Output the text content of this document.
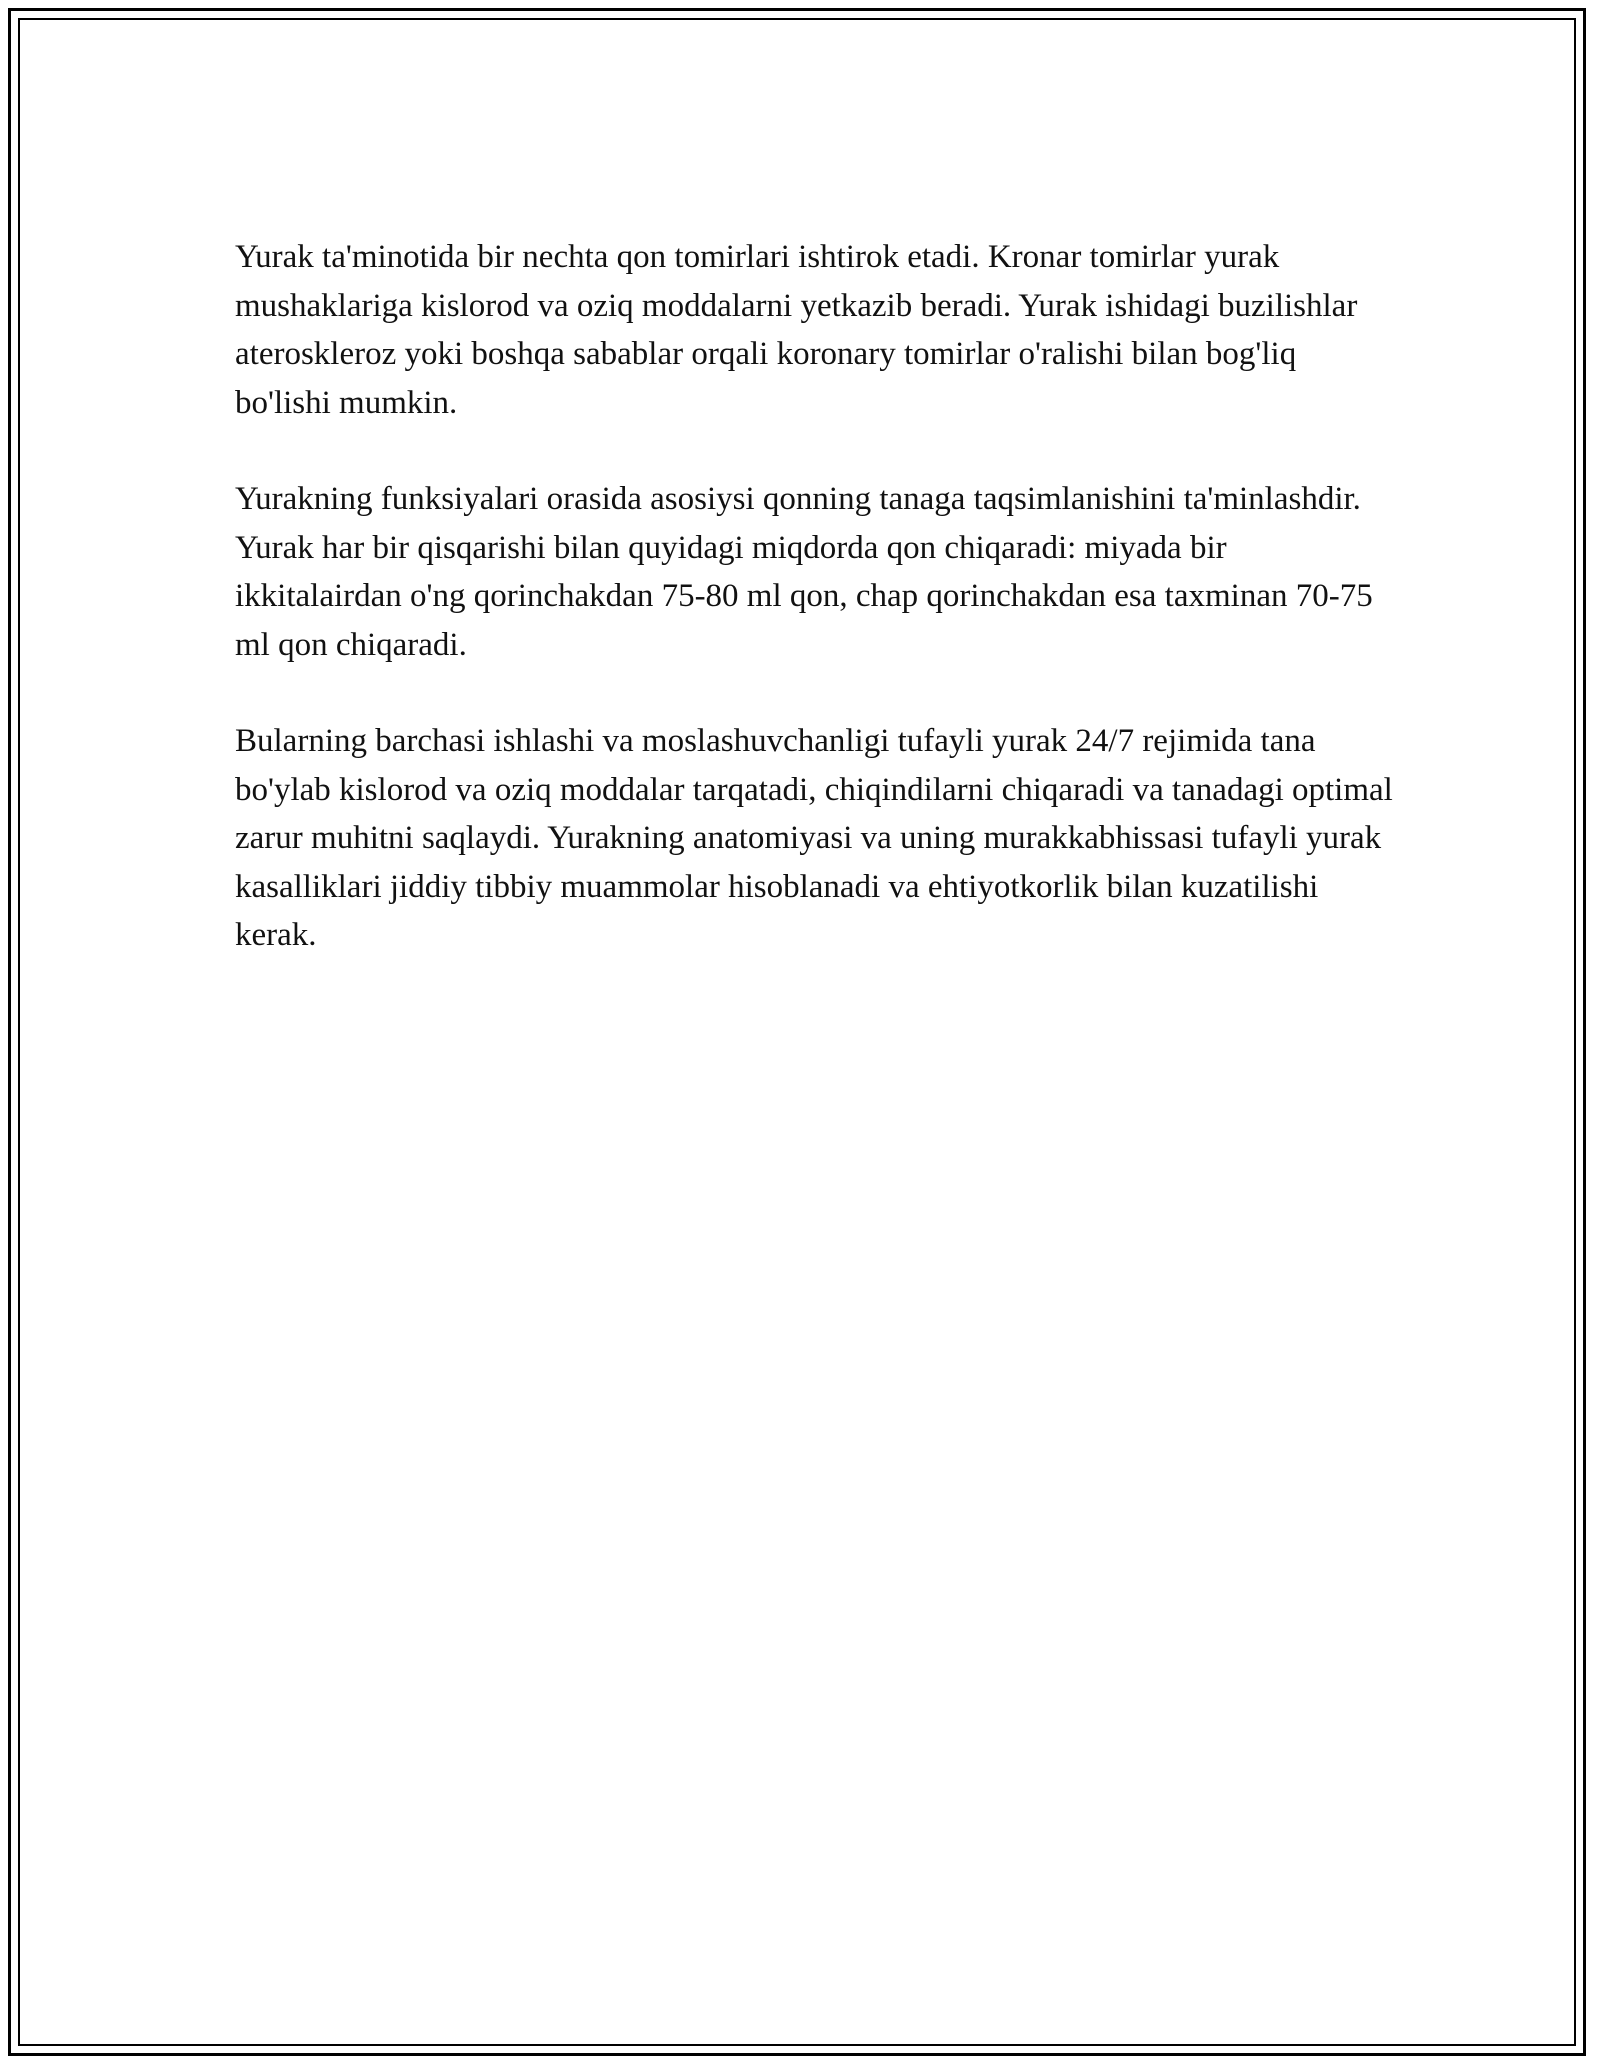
Yurak ta'minotida bir nechta qon tomirlari ishtirok etadi. Kronar tomirlar yurak mushaklariga kislorod va oziq moddalarni yetkazib beradi. Yurak ishidagi buzilishlar ateroskleroz yoki boshqa sabablar orqali koronary tomirlar o'ralishi bilan bog'liq bo'lishi mumkin.

Yurakning funksiyalari orasida asosiysi qonning tanaga taqsimlanishini ta'minlashdir. Yurak har bir qisqarishi bilan quyidagi miqdorda qon chiqaradi: miyada bir ikkitalairdan o'ng qorinchakdan 75-80 ml qon, chap qorinchakdan esa taxminan 70-75 ml qon chiqaradi.

Bularning barchasi ishlashi va moslashuvchanligi tufayli yurak 24/7 rejimida tana bo'ylab kislorod va oziq moddalar tarqatadi, chiqindilarni chiqaradi va tanadagi optimal zarur muhitni saqlaydi. Yurakning anatomiyasi va uning murakkabhissasi tufayli yurak kasalliklari jiddiy tibbiy muammolar hisoblanadi va ehtiyotkorlik bilan kuzatilishi kerak.
